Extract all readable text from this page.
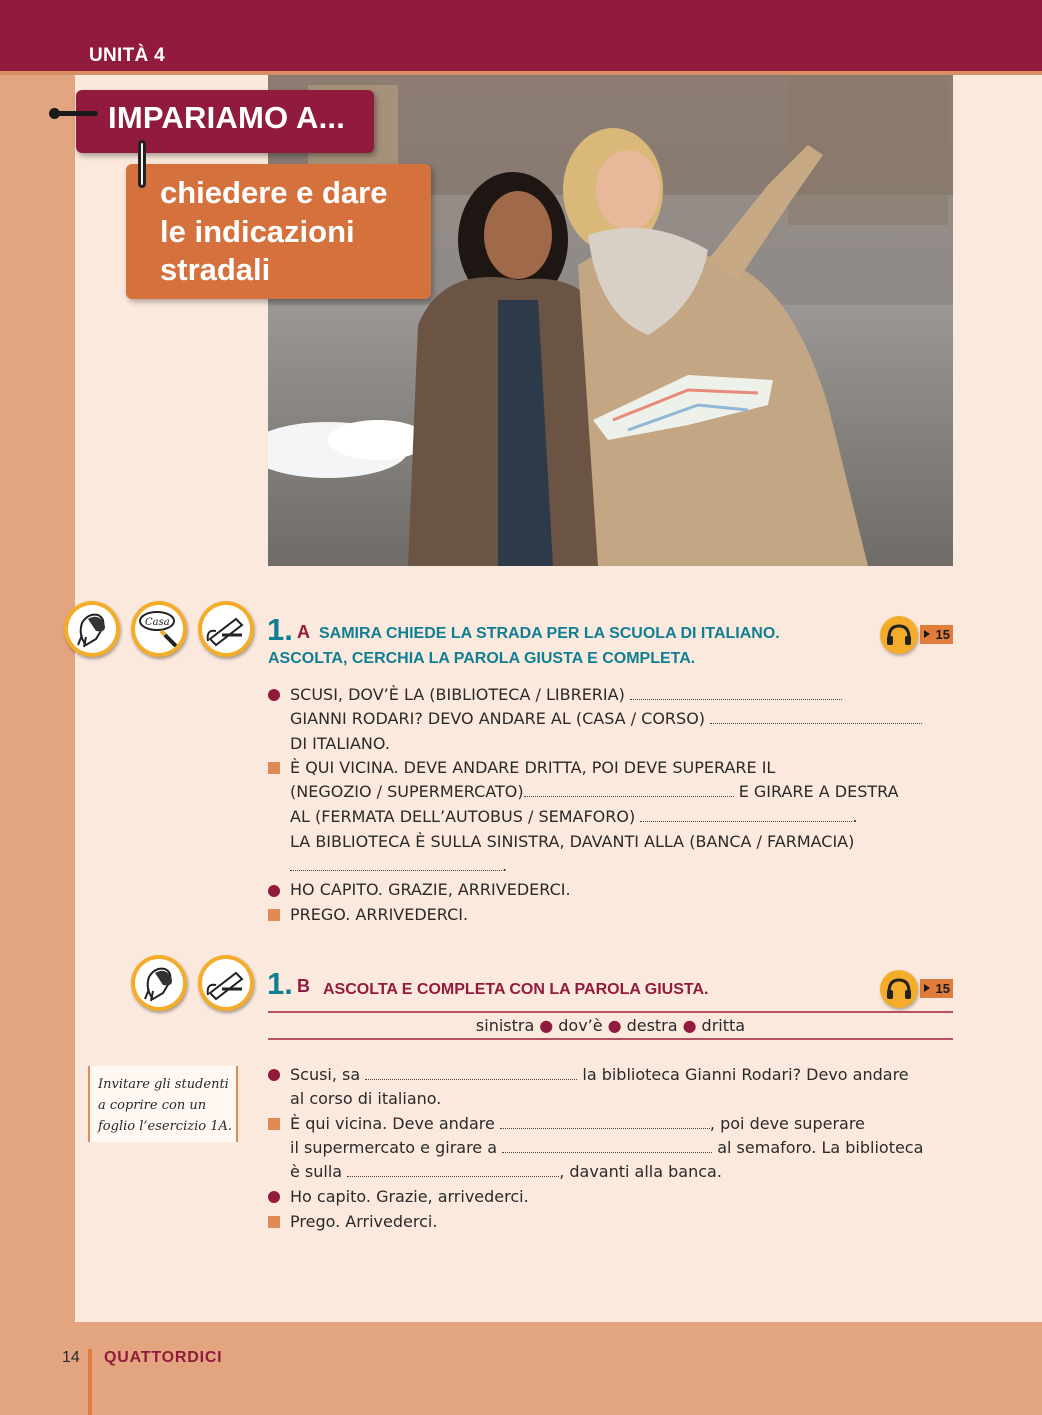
UNITÀ 4
IMPARIAMO A...
chiedere e dare
le indicazioni
stradali
Casa	1. A SAMIRA CHIEDE LA STRADA PER LA SCUOLA DI ITALIANO.
ASCOLTA, CERCHIA LA PAROLA GIUSTA E COMPLETA.
15
SCUSI, DOV’È LA (BIBLIOTECA / LIBRERIA)
GIANNI RODARI? DEVO ANDARE AL (CASA / CORSO)
DI ITALIANO.
È QUI VICINA. DEVE ANDARE DRITTA, POI DEVE SUPERARE IL
(NEGOZIO / SUPERMERCATO)	E GIRARE A DESTRA
AL (FERMATA DELL’AUTOBUS / SEMAFORO)	.
LA BIBLIOTECA È SULLA SINISTRA, DAVANTI ALLA (BANCA / FARMACIA)
.
HO CAPITO. GRAZIE, ARRIVEDERCI.
PREGO. ARRIVEDERCI.
1. B ASCOLTA E COMPLETA CON LA PAROLA GIUSTA.	15
sinistra ● dov’è ● destra ● dritta
Invitare gli studenti a coprire con un foglio l’esercizio 1A.
Scusi, sa	la biblioteca Gianni Rodari? Devo andare
al corso di italiano.
È qui vicina. Deve andare	, poi deve superare
il supermercato e girare a	al semaforo. La biblioteca
è sulla	, davanti alla banca.
Ho capito. Grazie, arrivederci.
Prego. Arrivederci.
14 QUATTORDICI
